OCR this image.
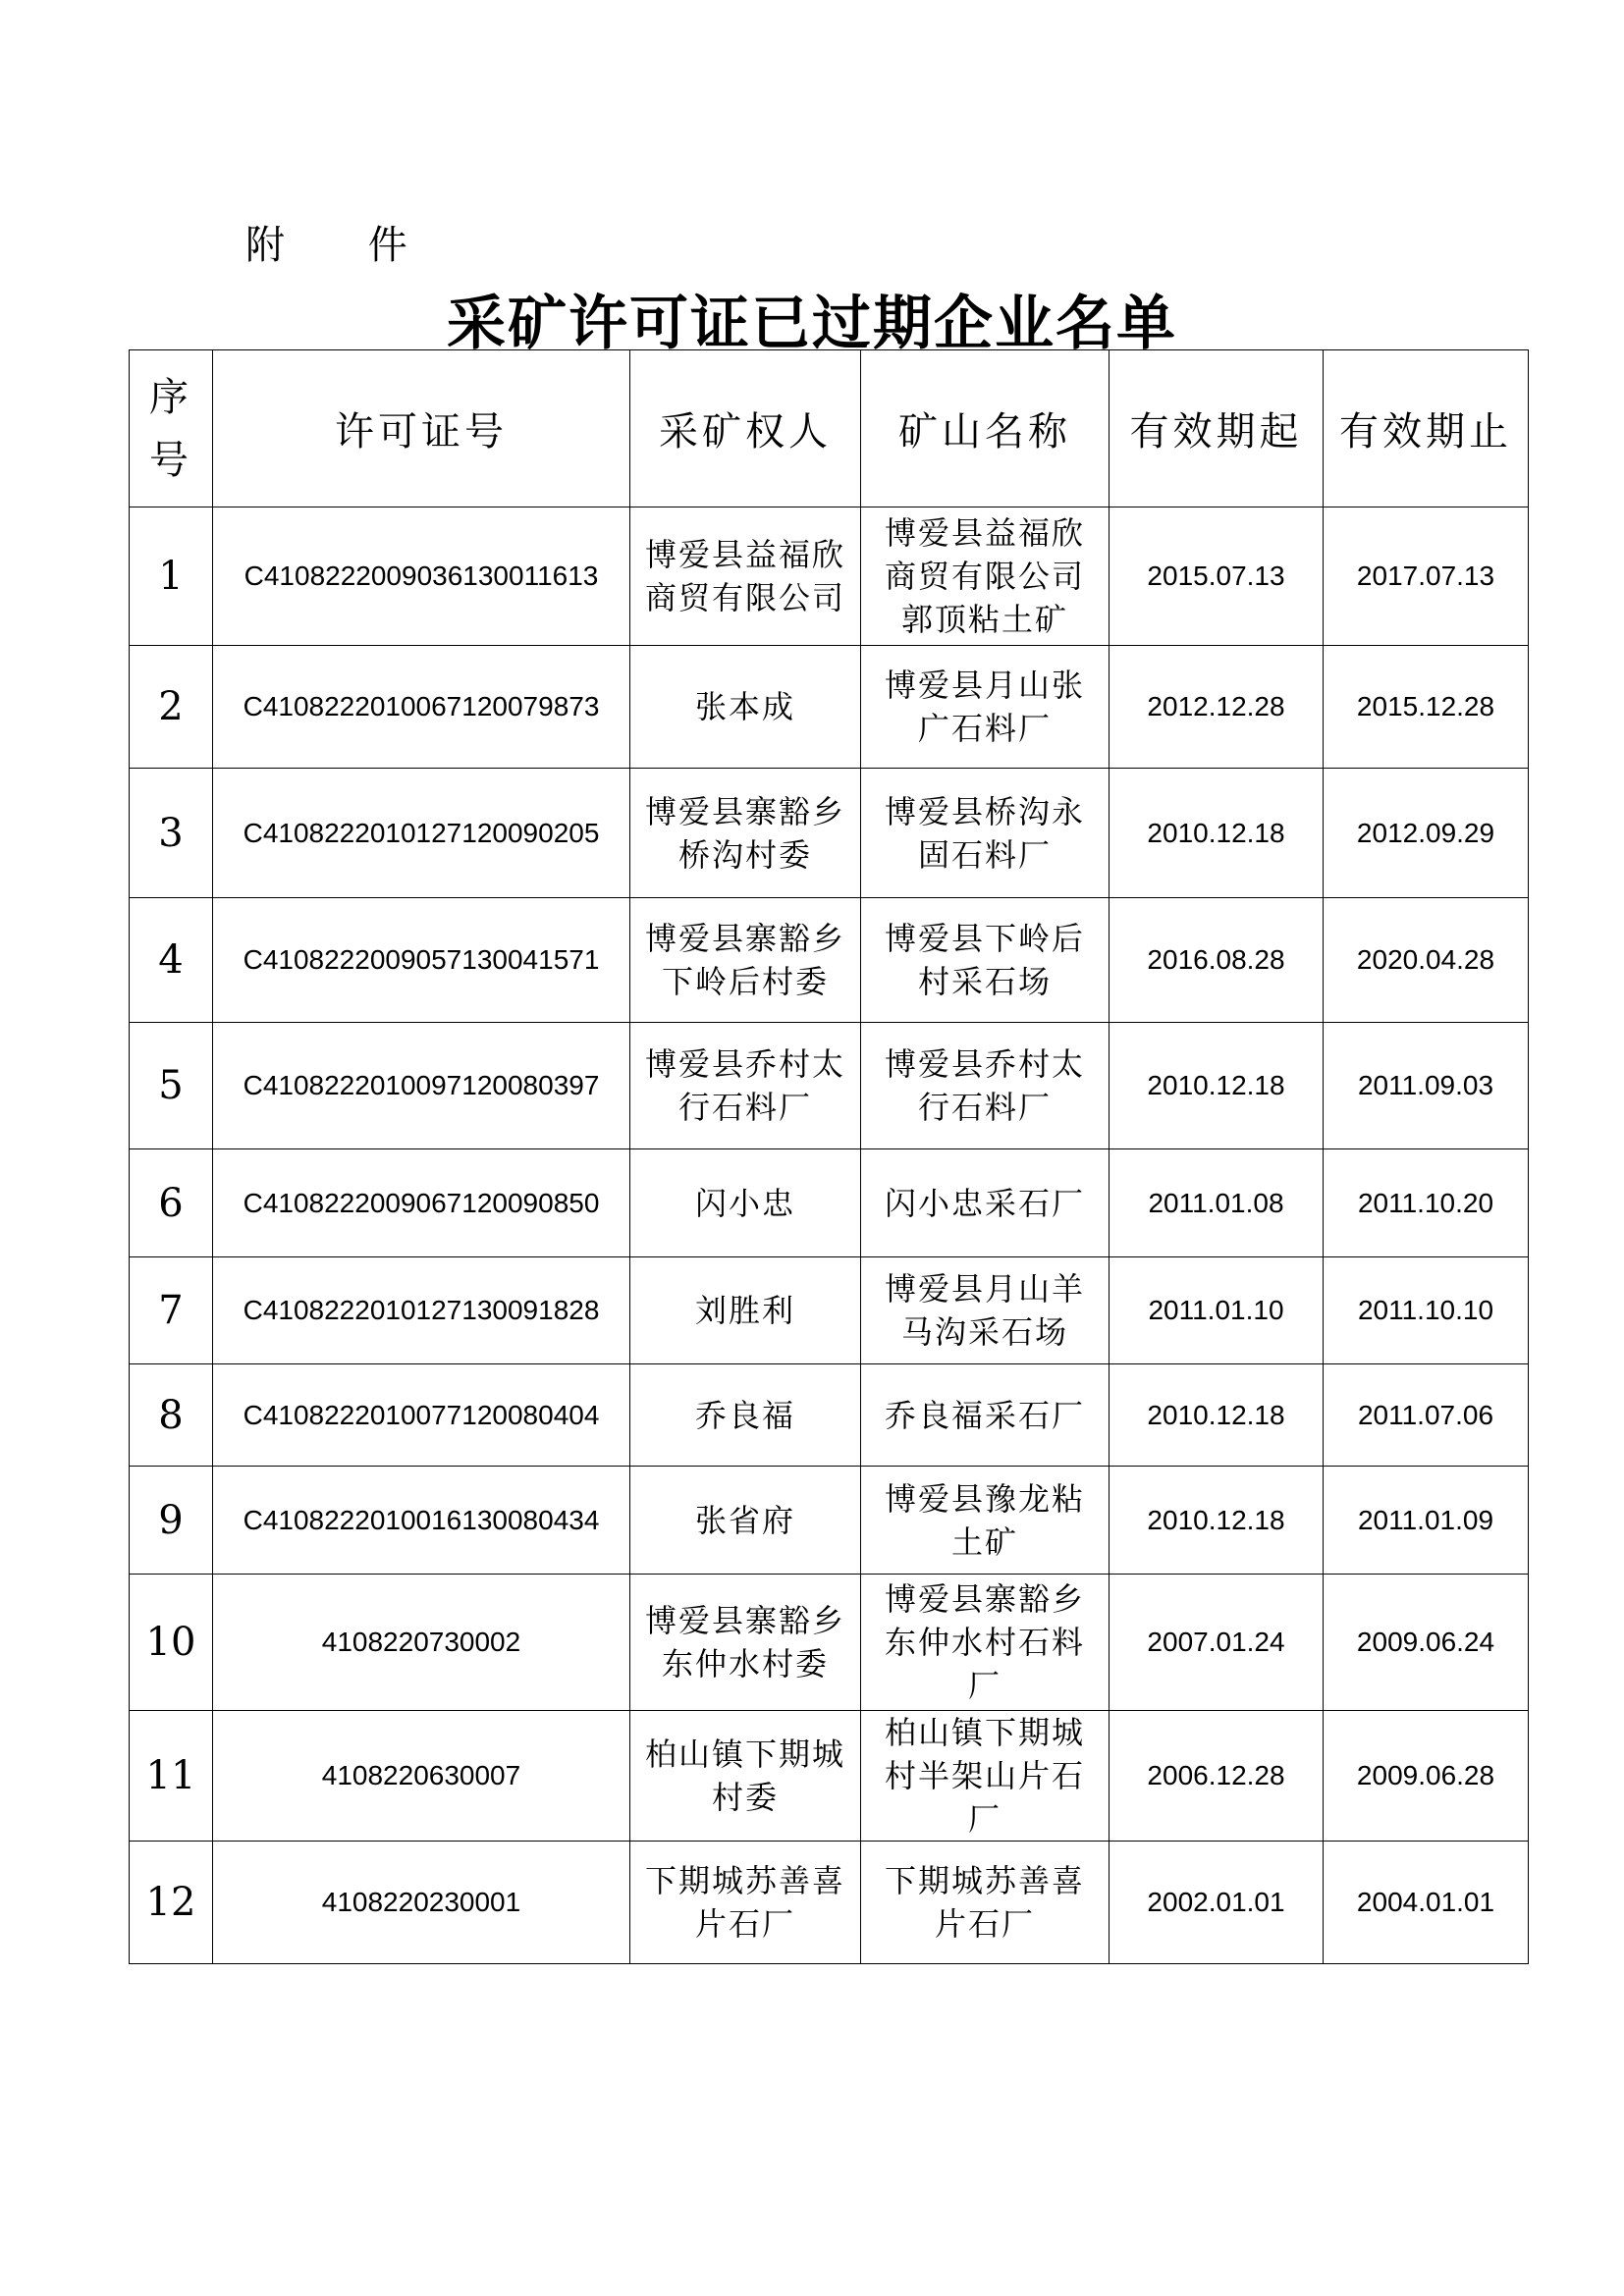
附 件
采矿许可证已过期企业名单
序
号	许可证号	采矿权人	矿山名称	有效期起	有效期止
1	C4108222009036130011613	博爱县益福欣商贸有限公司	博爱县益福欣商贸有限公司郭顶粘土矿	2015.07.13	2017.07.13
2	C4108222010067120079873	张本成	博爱县月山张广石料厂	2012.12.28	2015.12.28
3	C4108222010127120090205	博爱县寨豁乡桥沟村委	博爱县桥沟永固石料厂	2010.12.18	2012.09.29
4	C4108222009057130041571	博爱县寨豁乡下岭后村委	博爱县下岭后村采石场	2016.08.28	2020.04.28
5	C4108222010097120080397	博爱县乔村太行石料厂	博爱县乔村太行石料厂	2010.12.18	2011.09.03
6	C4108222009067120090850	闪小忠	闪小忠采石厂	2011.01.08	2011.10.20
7	C4108222010127130091828	刘胜利	博爱县月山羊马沟采石场	2011.01.10	2011.10.10
8	C4108222010077120080404	乔良福	乔良福采石厂	2010.12.18	2011.07.06
9	C4108222010016130080434	张省府	博爱县豫龙粘土矿	2010.12.18	2011.01.09
10	4108220730002	博爱县寨豁乡东仲水村委	博爱县寨豁乡东仲水村石料厂	2007.01.24	2009.06.24
11	4108220630007	柏山镇下期城村委	柏山镇下期城村半架山片石厂	2006.12.28	2009.06.28
12	4108220230001	下期城苏善喜片石厂	下期城苏善喜片石厂	2002.01.01	2004.01.01
